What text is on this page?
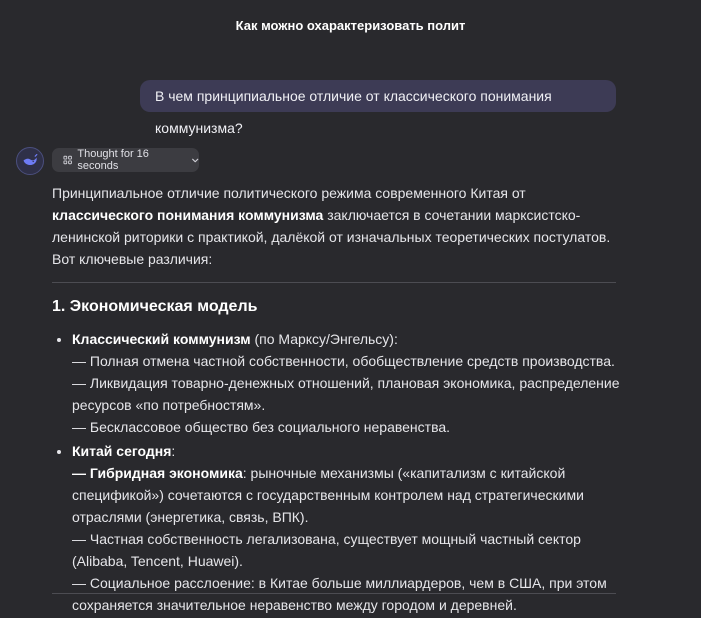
Как можно охарактеризовать полит
В чем принципиальное отличие от классического понимания коммунизма?
Thought for 16 seconds

Принципиальное отличие политического режима современного Китая от классического понимания коммунизма заключается в сочетании марксистско-ленинской риторики с практикой, далёкой от изначальных теоретических постулатов. Вот ключевые различия:

1. Экономическая модель
• Классический коммунизм (по Марксу/Энгельсу):
— Полная отмена частной собственности, обобществление средств производства.
— Ликвидация товарно-денежных отношений, плановая экономика, распределение ресурсов «по потребностям».
— Бесклассовое общество без социального неравенства.
• Китай сегодня:
— Гибридная экономика: рыночные механизмы («капитализм с китайской спецификой») сочетаются с государственным контролем над стратегическими отраслями (энергетика, связь, ВПК).
— Частная собственность легализована, существует мощный частный сектор (Alibaba, Tencent, Huawei).
— Социальное расслоение: в Китае больше миллиардеров, чем в США, при этом сохраняется значительное неравенство между городом и деревней.
